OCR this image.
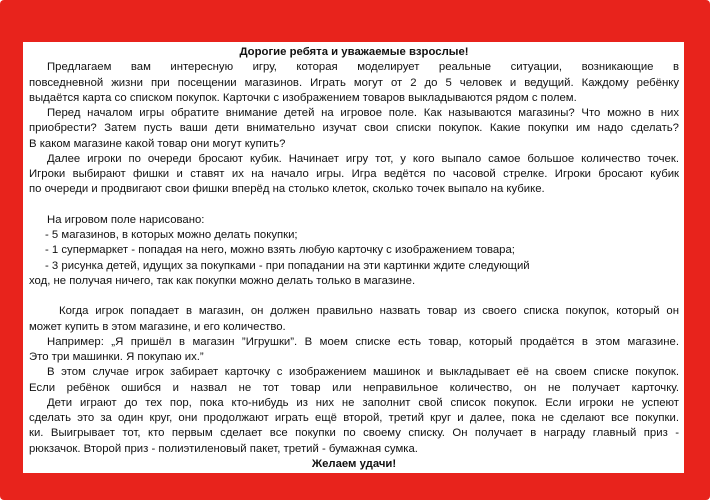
Дорогие ребята и уважаемые взрослые!

Предлагаем вам интересную игру, которая моделирует реальные ситуации, возникающие в

повседневной жизни при посещении магазинов. Играть могут от 2 до 5 человек и ведущий. Каждому ребёнку

выдаётся карта со списком покупок. Карточки с изображением товаров выкладываются рядом с полем.

Перед началом игры обратите внимание детей на игровое поле. Как называются магазины? Что можно в них

приобрести? Затем пусть ваши дети внимательно изучат свои списки покупок. Какие покупки им надо сделать?

В каком магазине какой товар они могут купить?

Далее игроки по очереди бросают кубик. Начинает игру тот, у кого выпало самое большое количество точек.

Игроки выбирают фишки и ставят их на начало игры. Игра ведётся по часовой стрелке. Игроки бросают кубик

по очереди и продвигают свои фишки вперёд на столько клеток, сколько точек выпало на кубике.

На игровом поле нарисовано:

- 5 магазинов, в которых можно делать покупки;

- 1 супермаркет - попадая на него, можно взять любую карточку с изображением товара;

- 3 рисунка детей, идущих за покупками - при попадании на эти картинки ждите следующий

ход, не получая ничего, так как покупки можно делать только в магазине.

Когда игрок попадает в магазин, он должен правильно назвать товар из своего списка покупок, который он

может купить в этом магазине, и его количество.

Например: „Я пришёл в магазин ”Игрушки”. В моем списке есть товар, который продаётся в этом магазине.

Это три машинки. Я покупаю их.”

В этом случае игрок забирает карточку с изображением машинок и выкладывает её на своем списке покупок.

Если ребёнок ошибся и назвал не тот товар или неправильное количество, он не получает карточку.

Дети играют до тех пор, пока кто-нибудь из них не заполнит свой список покупок. Если игроки не успеют

сделать это за один круг, они продолжают играть ещё второй, третий круг и далее, пока не сделают все покупки.

ки. Выигрывает тот, кто первым сделает все покупки по своему списку. Он получает в награду главный приз -

рюкзачок. Второй приз - полиэтиленовый пакет, третий - бумажная сумка.

Желаем удачи!
